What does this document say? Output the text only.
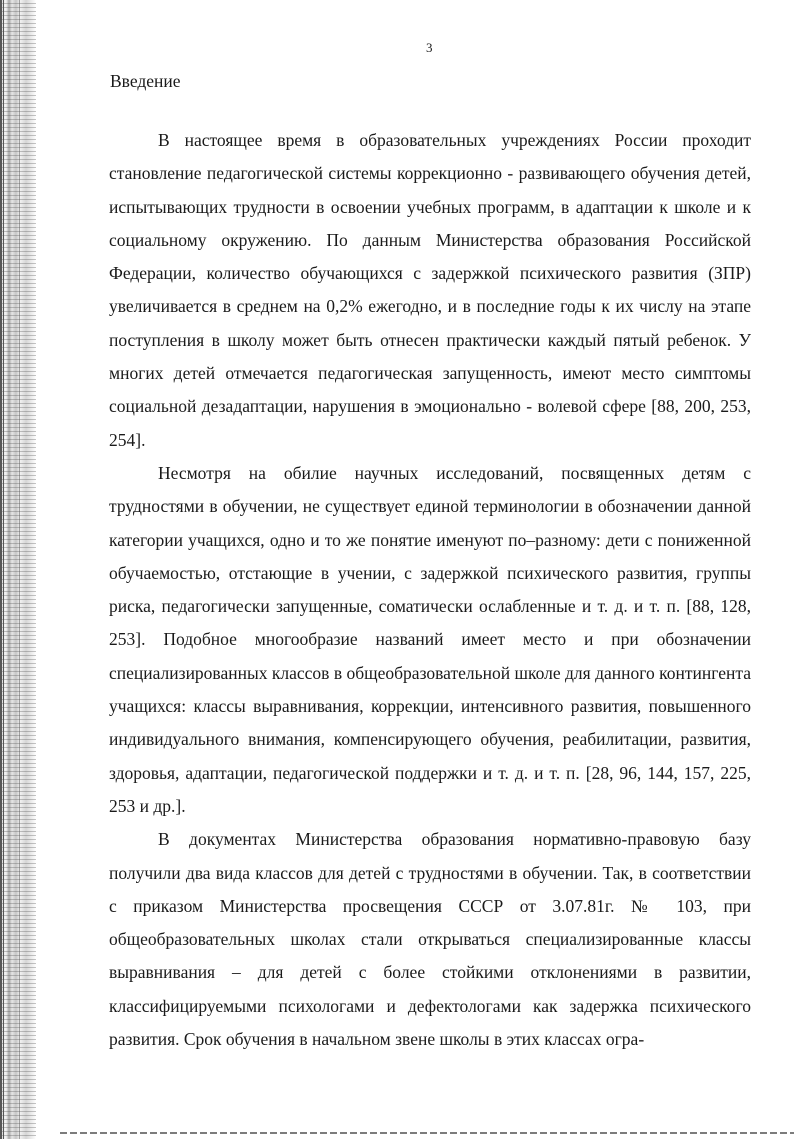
3
Введение

В настоящее время в образовательных учреждениях России проходит становление педагогической системы коррекционно - развивающего обучения детей, испытывающих трудности в освоении учебных программ, в адаптации к школе и к социальному окружению. По данным Министерства образования Российской Федерации, количество обучающихся с задержкой психического развития (ЗПР) увеличивается в среднем на 0,2% ежегодно, и в последние годы к их числу на этапе поступления в школу может быть отнесен практически каждый пятый ребенок. У многих детей отмечается педагогическая запущенность, имеют место симптомы социальной дезадаптации, нарушения в эмоционально - волевой сфере [88, 200, 253, 254].

Несмотря на обилие научных исследований, посвященных детям с трудностями в обучении, не существует единой терминологии в обозначении данной категории учащихся, одно и то же понятие именуют по–разному: дети с пониженной обучаемостью, отстающие в учении, с задержкой психического развития, группы риска, педагогически запущенные, соматически ослабленные и т. д. и т. п. [88, 128, 253]. Подобное многообразие названий имеет место и при обозначении специализированных классов в общеобразовательной школе для данного контингента учащихся: классы выравнивания, коррекции, интенсивного развития, повышенного индивидуального внимания, компенсирующего обучения, реабилитации, развития, здоровья, адаптации, педагогической поддержки и т. д. и т. п. [28, 96, 144, 157, 225, 253 и др.].

В документах Министерства образования нормативно-правовую базу получили два вида классов для детей с трудностями в обучении. Так, в соответствии с приказом Министерства просвещения СССР от 3.07.81г. № 103, при общеобразовательных школах стали открываться специализированные классы выравнивания – для детей с более стойкими отклонениями в развитии, классифицируемыми психологами и дефектологами как задержка психического развития. Срок обучения в начальном звене школы в этих классах огра-
